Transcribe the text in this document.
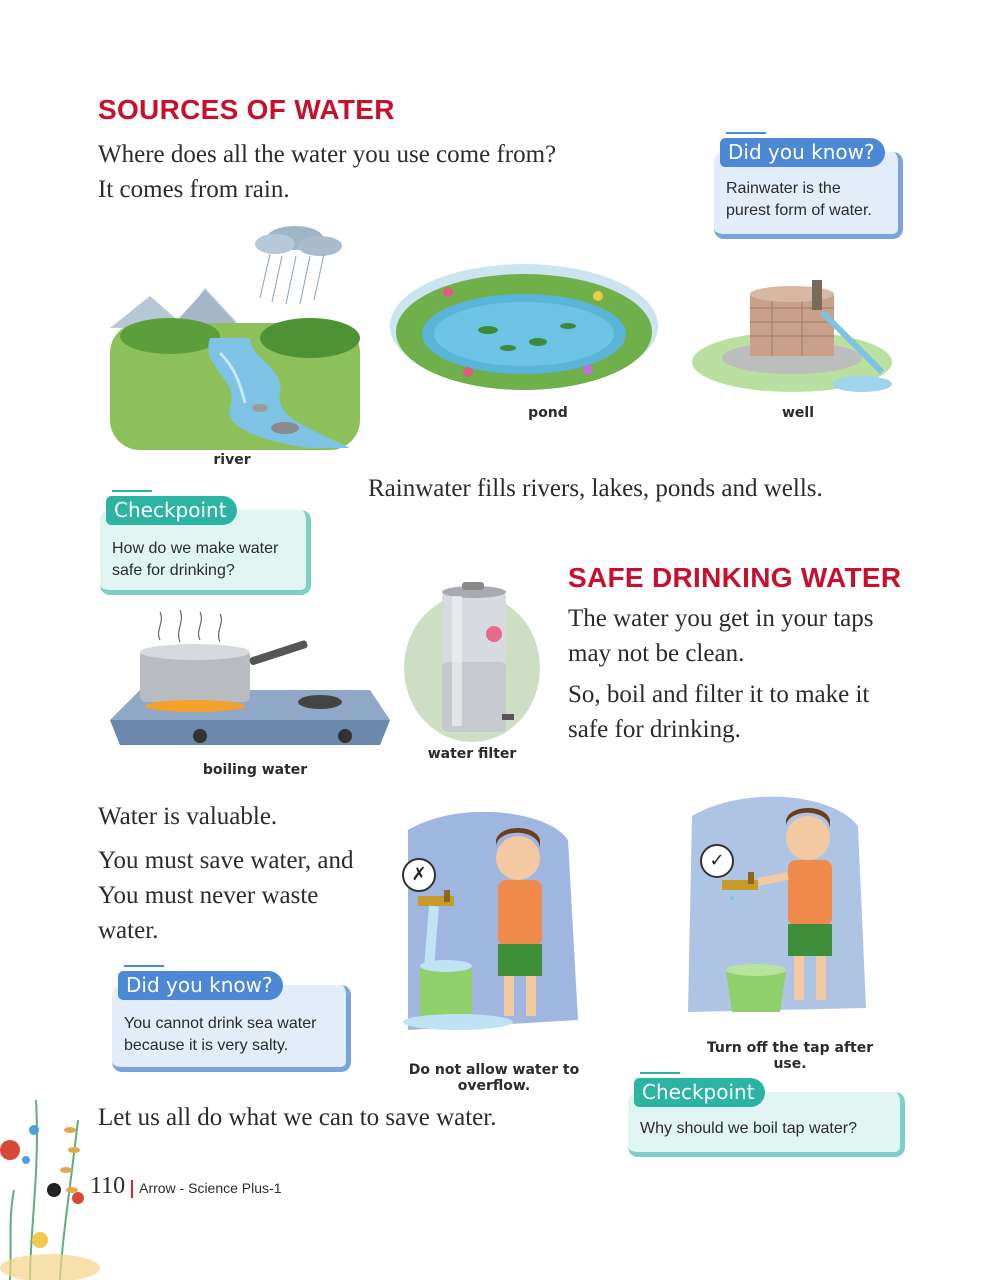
SOURCES OF WATER

Where does all the water you use come from?

It comes from rain.

Did you know?
Rainwater is the purest form of water.
river
pond	well
Rainwater fills rivers, lakes, ponds and wells.
Checkpoint
How do we make water safe for drinking?	SAFE DRINKING WATER

The water you get in your taps

may not be clean.

So, boil and filter it to make it

safe for drinking.

boiling water
water filter

Water is valuable.

You must save water, and

You must never waste

water.

Did you know?
You cannot drink sea water because it is very salty.
✗
Do not allow water to overflow.
✓
Turn off the tap after use.
Checkpoint
Why should we boil tap water?
Let us all do what we can to save water.
110 Arrow - Science Plus-1
